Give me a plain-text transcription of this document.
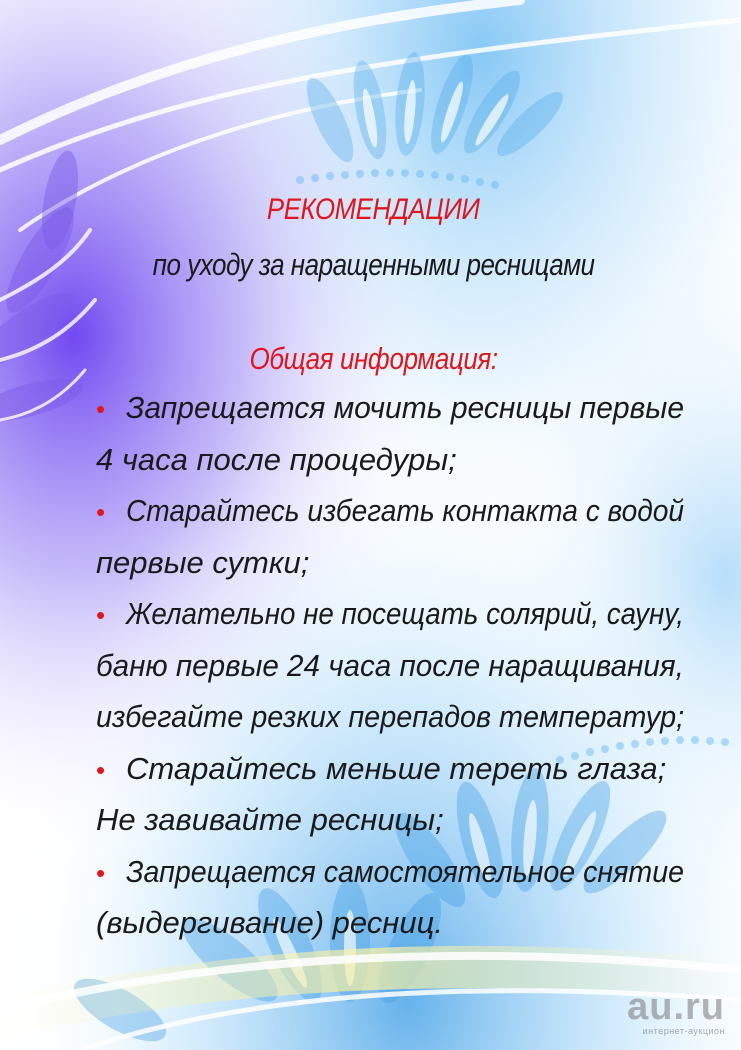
РЕКОМЕНДАЦИИ
по уходу за наращенными ресницами
Общая информация:
• Запрещается мочить ресницы первые
4 часа после процедуры;
• Старайтесь избегать контакта с водой
первые сутки;
• Желательно не посещать солярий, сауну,
баню первые 24 часа после наращивания,
избегайте резких перепадов температур;
• Старайтесь меньше тереть глаза;
Не завивайте ресницы;
• Запрещается самостоятельное снятие
(выдергивание) ресниц.
au.ru
интернет-аукцион
